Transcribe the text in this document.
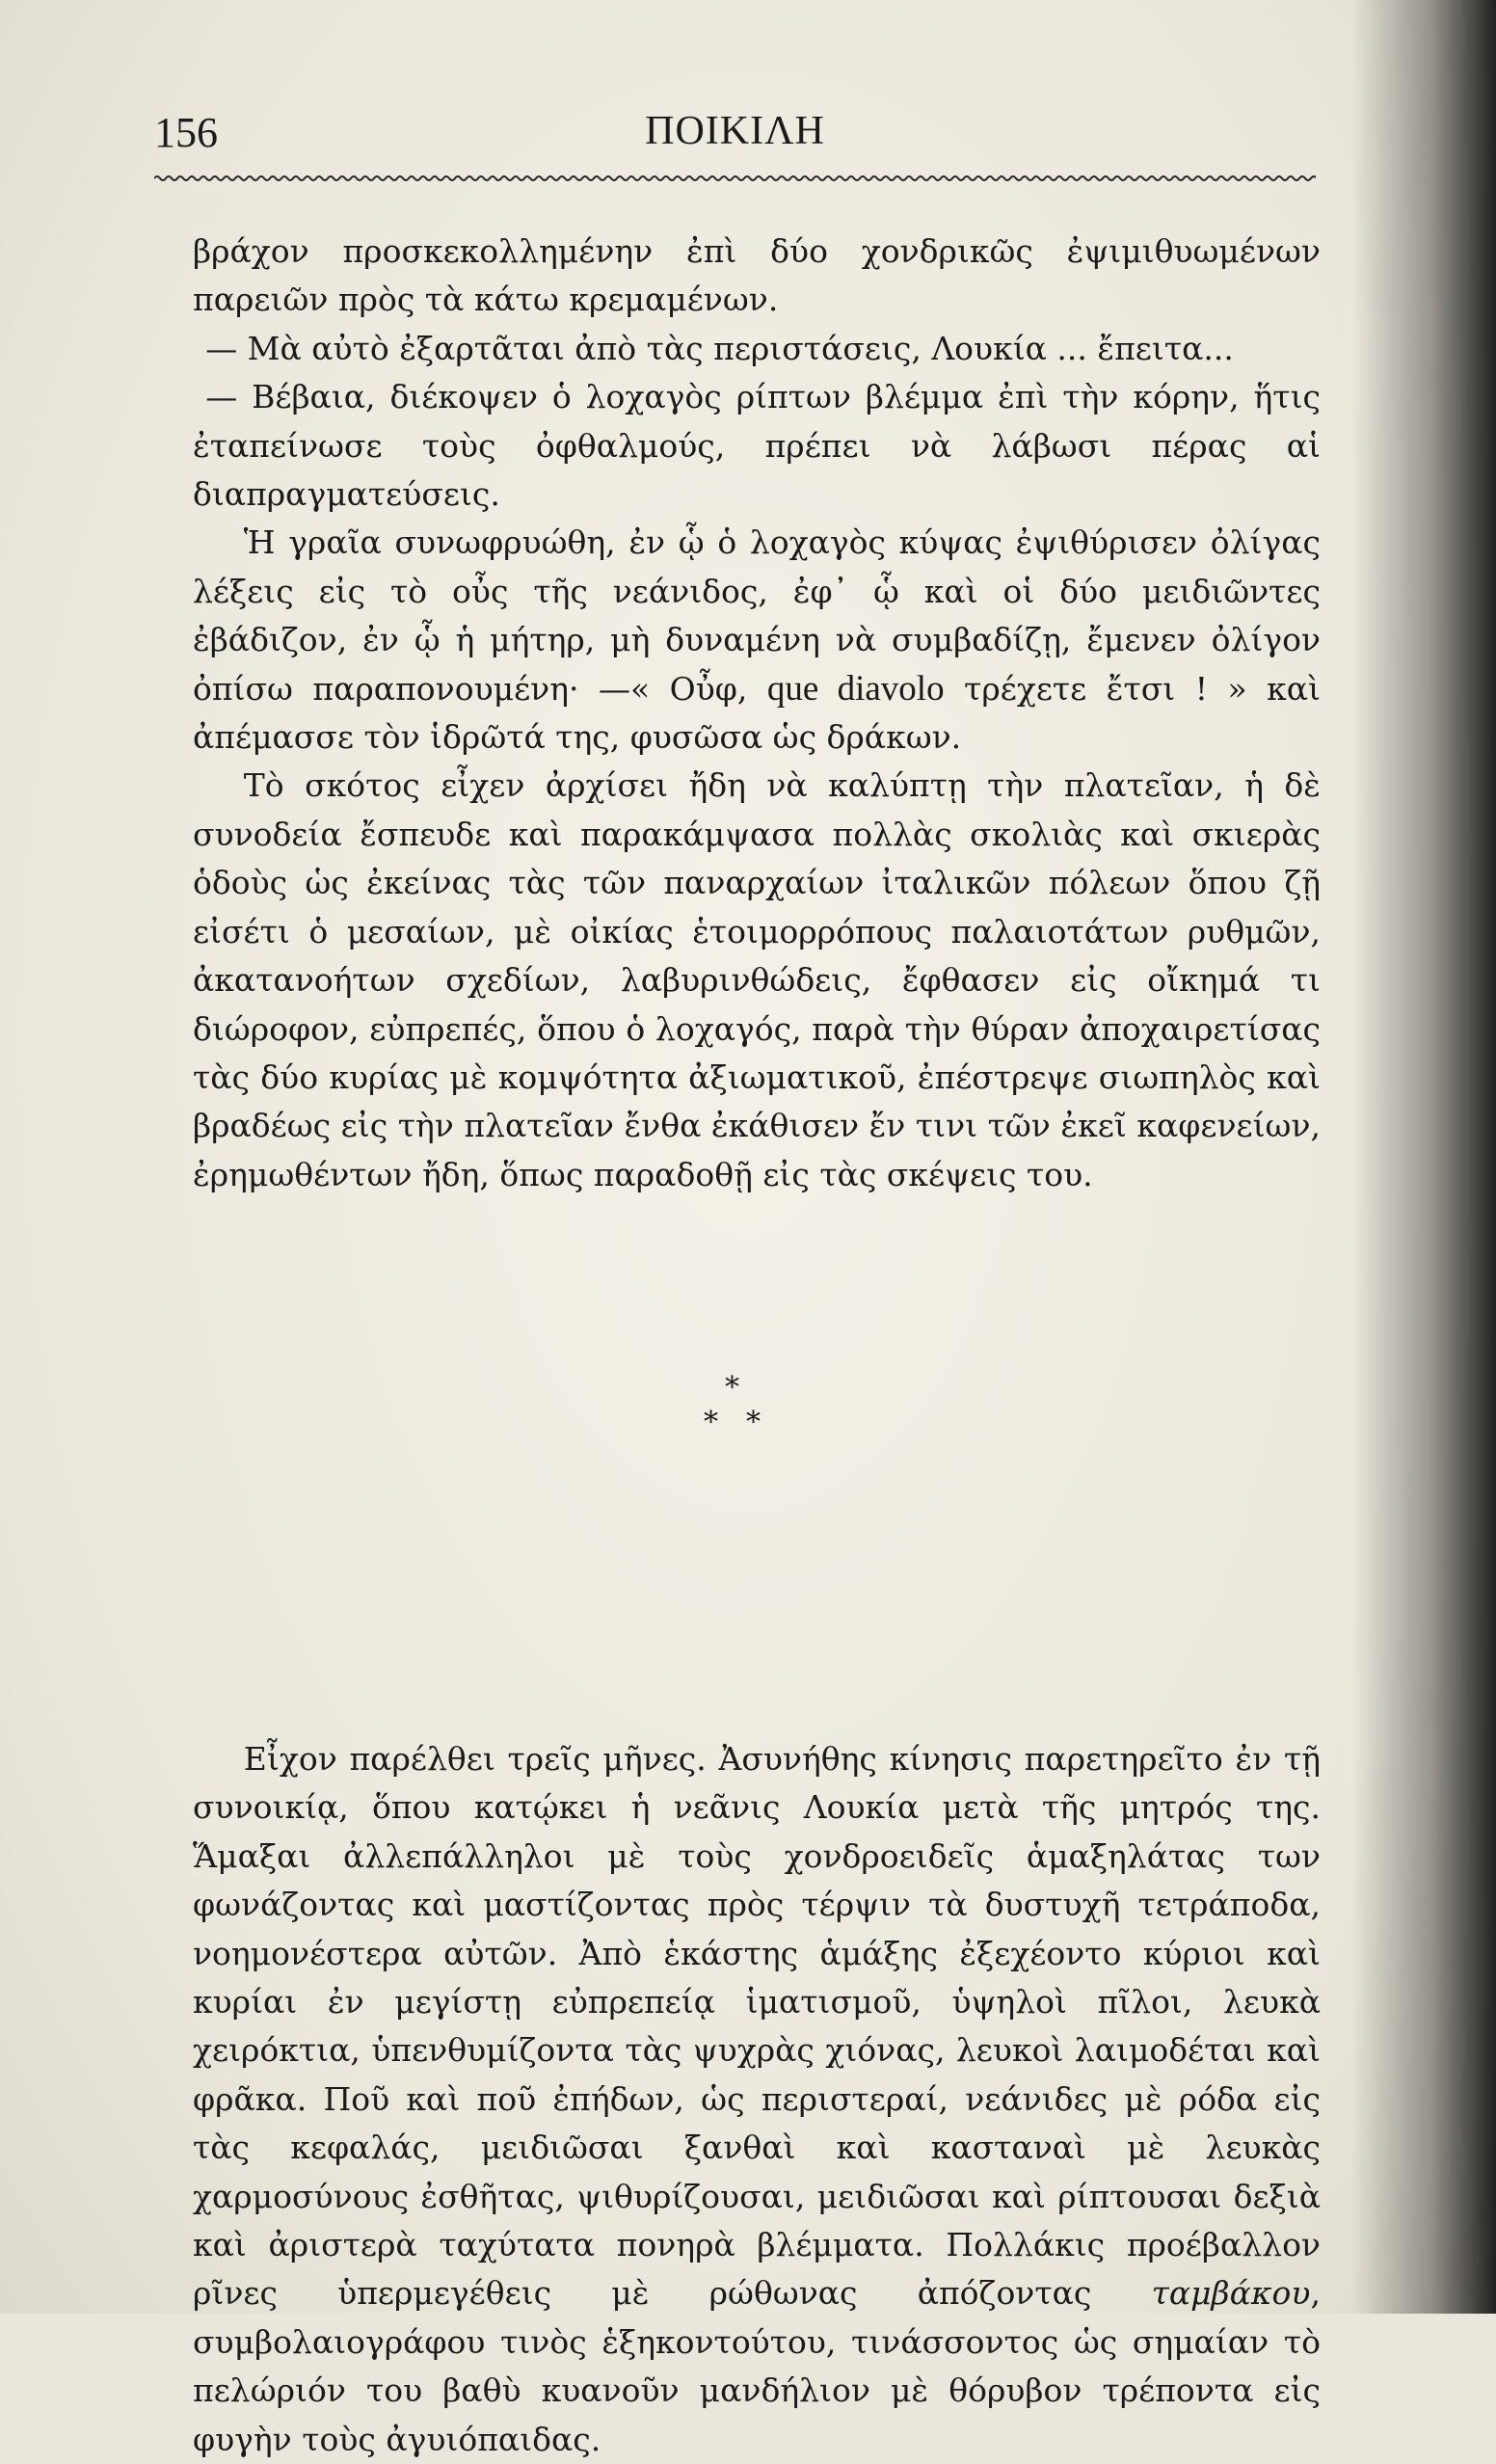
156	ΠΟΙΚΙΛΗ

βράχον προσκεκολλημένην ἐπὶ δύο χονδρικῶς ἐψιμιθυωμένων παρειῶν πρὸς τὰ κάτω κρεμαμένων.

— Μὰ αὐτὸ ἐξαρτᾶται ἀπὸ τὰς περιστάσεις, Λουκία ... ἔπειτα...

— Βέβαια, διέκοψεν ὁ λοχαγὸς ρίπτων βλέμμα ἐπὶ τὴν κόρην, ἥτις ἐταπείνωσε τοὺς ὀφθαλμούς, πρέπει νὰ λάβωσι πέρας αἱ διαπραγματεύσεις.

Ἡ γραῖα συνωφρυώθη, ἐν ᾧ ὁ λοχαγὸς κύψας ἐψιθύρισεν ὀλίγας λέξεις εἰς τὸ οὖς τῆς νεάνιδος, ἐφ᾽ ᾧ καὶ οἱ δύο μειδιῶντες ἐβάδιζον, ἐν ᾧ ἡ μήτηρ, μὴ δυναμένη νὰ συμβαδίζῃ, ἔμενεν ὀλίγον ὀπίσω παραπονουμένη· —« Οὖφ, que diavolo τρέχετε ἔτσι ! » καὶ ἀπέμασσε τὸν ἱδρῶτά της, φυσῶσα ὡς δράκων.

Τὸ σκότος εἶχεν ἀρχίσει ἤδη νὰ καλύπτῃ τὴν πλατεῖαν, ἡ δὲ συνοδεία ἔσπευδε καὶ παρακάμψασα πολλὰς σκολιὰς καὶ σκιερὰς ὁδοὺς ὡς ἐκείνας τὰς τῶν παναρχαίων ἰταλικῶν πόλεων ὅπου ζῇ εἰσέτι ὁ μεσαίων, μὲ οἰκίας ἑτοιμορρόπους παλαιοτάτων ρυθμῶν, ἀκατανοήτων σχεδίων, λαβυρινθώδεις, ἔφθασεν εἰς οἴκημά τι διώροφον, εὐπρεπές, ὅπου ὁ λοχαγός, παρὰ τὴν θύραν ἀποχαιρετίσας τὰς δύο κυρίας μὲ κομψότητα ἀξιωματικοῦ, ἐπέστρεψε σιωπηλὸς καὶ βραδέως εἰς τὴν πλατεῖαν ἔνθα ἐκάθισεν ἔν τινι τῶν ἐκεῖ καφενείων, ἐρημωθέντων ἤδη, ὅπως παραδοθῇ εἰς τὰς σκέψεις του.

*
* *

Εἶχον παρέλθει τρεῖς μῆνες. Ἀσυνήθης κίνησις παρετηρεῖτο ἐν τῇ συνοικίᾳ, ὅπου κατῴκει ἡ νεᾶνις Λουκία μετὰ τῆς μητρός της. Ἅμαξαι ἀλλεπάλληλοι μὲ τοὺς χονδροειδεῖς ἁμαξηλάτας των φωνάζοντας καὶ μαστίζοντας πρὸς τέρψιν τὰ δυστυχῆ τετράποδα, νοημονέστερα αὐτῶν. Ἀπὸ ἑκάστης ἁμάξης ἐξεχέοντο κύριοι καὶ κυρίαι ἐν μεγίστῃ εὐπρεπείᾳ ἱματισμοῦ, ὑψηλοὶ πῖλοι, λευκὰ χειρόκτια, ὑπενθυμίζοντα τὰς ψυχρὰς χιόνας, λευκοὶ λαιμοδέται καὶ φρᾶκα. Ποῦ καὶ ποῦ ἐπήδων, ὡς περιστεραί, νεάνιδες μὲ ρόδα εἰς τὰς κεφαλάς, μειδιῶσαι ξανθαὶ καὶ κασταναὶ μὲ λευκὰς χαρμοσύνους ἐσθῆτας, ψιθυρίζουσαι, μειδιῶσαι καὶ ρίπτουσαι δεξιὰ καὶ ἀριστερὰ ταχύτατα πονηρὰ βλέμματα. Πολλάκις προέβαλλον ρῖνες ὑπερμεγέθεις μὲ ρώθωνας ἀπόζοντας ταμβάκου, συμβολαιογράφου τινὸς ἑξηκοντούτου, τινάσσοντος ὡς σημαίαν τὸ πελώριόν του βαθὺ κυανοῦν μανδήλιον μὲ θόρυβον τρέποντα εἰς φυγὴν τοὺς ἀγυιόπαιδας.
